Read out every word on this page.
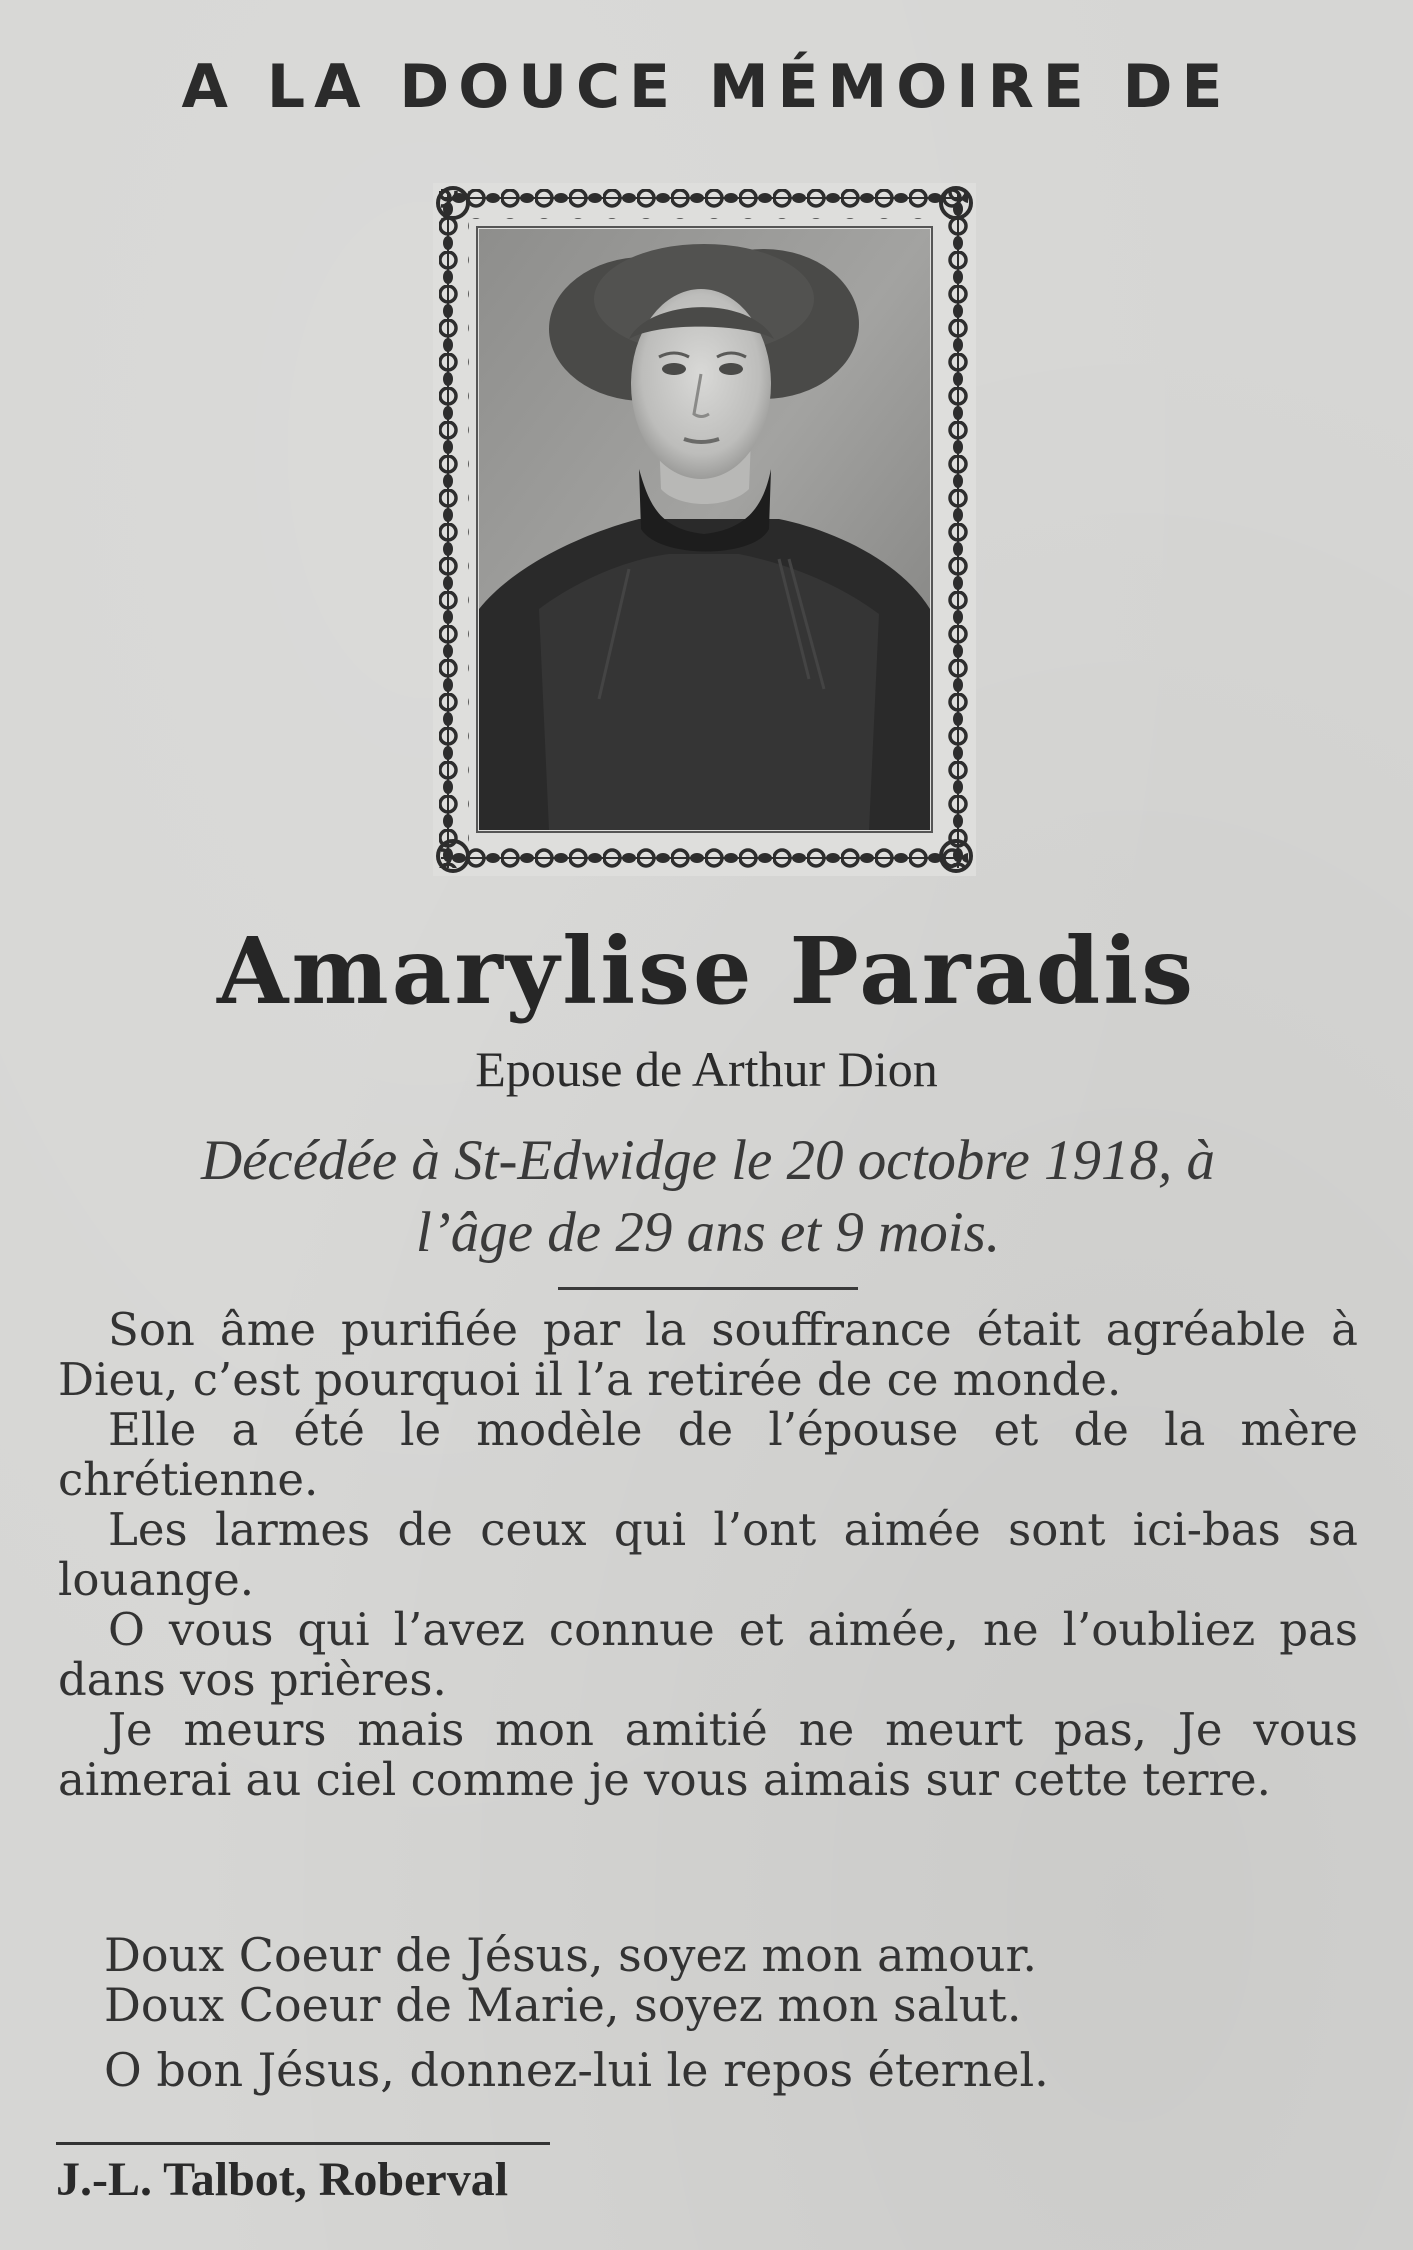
A LA DOUCE MÉMOIRE DE
Amarylise Paradis
Epouse de Arthur Dion
Décédée à St-Edwidge le 20 octobre 1918, à
l’âge de 29 ans et 9 mois.

Son âme purifiée par la souffrance était agréable à Dieu, c’est pourquoi il l’a retirée de ce monde.

Elle a été le modèle de l’épouse et de la mère chrétienne.

Les larmes de ceux qui l’ont aimée sont ici-bas sa louange.

O vous qui l’avez connue et aimée, ne l’oubliez pas dans vos prières.

Je meurs mais mon amitié ne meurt pas, Je vous aimerai au ciel comme je vous aimais sur cette terre.

Doux Coeur de Jésus, soyez mon amour.

Doux Coeur de Marie, soyez mon salut.

O bon Jésus, donnez-lui le repos éternel.

J.-L. Talbot, Roberval
